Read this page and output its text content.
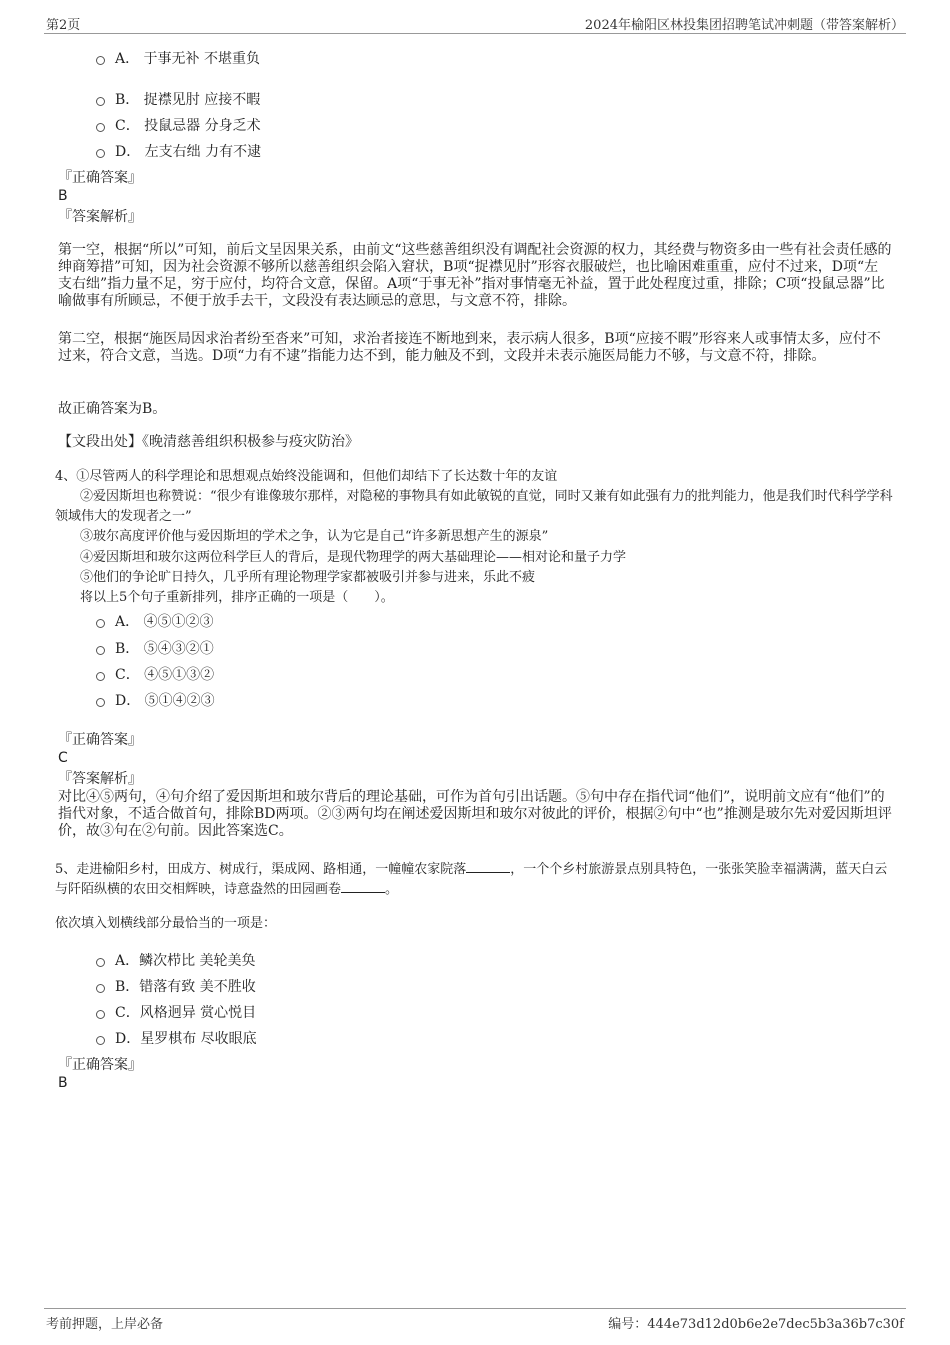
第2页	2024年榆阳区林投集团招聘笔试冲刺题（带答案解析）
A． 于事无补 不堪重负
B． 捉襟见肘 应接不暇
C． 投鼠忌器 分身乏术
D． 左支右绌 力有不逮
『正确答案』
B
『答案解析』
第一空，根据“所以”可知，前后文呈因果关系，由前文“这些慈善组织没有调配社会资源的权力，其经费与物资多由一些有社会责任感的绅商筹措”可知，因为社会资源不够所以慈善组织会陷入窘状，B项“捉襟见肘”形容衣服破烂，也比喻困难重重，应付不过来，D项“左支右绌”指力量不足，穷于应付，均符合文意，保留。A项“于事无补”指对事情毫无补益，置于此处程度过重，排除；C项“投鼠忌器”比喻做事有所顾忌，不便于放手去干，文段没有表达顾忌的意思，与文意不符，排除。
第二空，根据“施医局因求治者纷至沓来”可知，求治者接连不断地到来，表示病人很多，B项“应接不暇”形容来人或事情太多，应付不过来，符合文意，当选。D项“力有不逮”指能力达不到，能力触及不到，文段并未表示施医局能力不够，与文意不符，排除。
故正确答案为B。
【文段出处】《晚清慈善组织积极参与疫灾防治》
4、①尽管两人的科学理论和思想观点始终没能调和，但他们却结下了长达数十年的友谊
②爱因斯坦也称赞说：“很少有谁像玻尔那样，对隐秘的事物具有如此敏锐的直觉，同时又兼有如此强有力的批判能力，他是我们时代科学学科领域伟大的发现者之一”
③玻尔高度评价他与爱因斯坦的学术之争，认为它是自己“许多新思想产生的源泉”
④爱因斯坦和玻尔这两位科学巨人的背后，是现代物理学的两大基础理论——相对论和量子力学
⑤他们的争论旷日持久，几乎所有理论物理学家都被吸引并参与进来，乐此不疲
将以上5个句子重新排列，排序正确的一项是（　　）。
A． ④⑤①②③
B． ⑤④③②①
C． ④⑤①③②
D． ⑤①④②③
『正确答案』
C
『答案解析』
对比④⑤两句，④句介绍了爱因斯坦和玻尔背后的理论基础，可作为首句引出话题。⑤句中存在指代词“他们”，说明前文应有“他们”的指代对象，不适合做首句，排除BD两项。②③两句均在阐述爱因斯坦和玻尔对彼此的评价，根据②句中“也”推测是玻尔先对爱因斯坦评价，故③句在②句前。因此答案选C。
5、走进榆阳乡村，田成方、树成行，渠成网、路相通，一幢幢农家院落	，一个个乡村旅游景点别具特色，一张张笑脸幸福满满，蓝天白云与阡陌纵横的农田交相辉映，诗意盎然的田园画卷	。
依次填入划横线部分最恰当的一项是：
A．鳞次栉比 美轮美奂
B．错落有致 美不胜收
C．风格迥异 赏心悦目
D．星罗棋布 尽收眼底
『正确答案』
B
考前押题，上岸必备	编号：444e73d12d0b6e2e7dec5b3a36b7c30f
